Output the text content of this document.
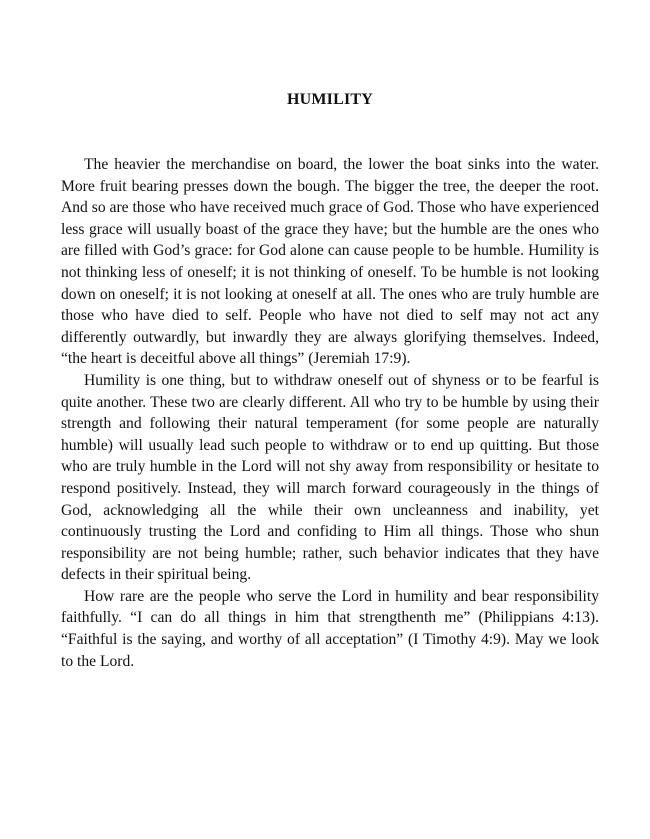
HUMILITY

The heavier the merchandise on board, the lower the boat sinks into the water. More fruit bearing presses down the bough. The bigger the tree, the deeper the root. And so are those who have received much grace of God. Those who have experienced less grace will usually boast of the grace they have; but the humble are the ones who are filled with God’s grace: for God alone can cause people to be humble. Humility is not thinking less of oneself; it is not thinking of oneself. To be humble is not looking down on oneself; it is not looking at oneself at all. The ones who are truly humble are those who have died to self. People who have not died to self may not act any differently outwardly, but inwardly they are always glorifying themselves. Indeed, “the heart is deceitful above all things” (Jeremiah 17:9).

Humility is one thing, but to withdraw oneself out of shyness or to be fearful is quite another. These two are clearly different. All who try to be humble by using their strength and following their natural temperament (for some people are naturally humble) will usually lead such people to withdraw or to end up quitting. But those who are truly humble in the Lord will not shy away from responsibility or hesitate to respond positively. Instead, they will march forward courageously in the things of God, acknowledging all the while their own uncleanness and inability, yet continuously trusting the Lord and confiding to Him all things. Those who shun responsibility are not being humble; rather, such behavior indicates that they have defects in their spiritual being.

How rare are the people who serve the Lord in humility and bear responsibility faithfully. “I can do all things in him that strengthenth me” (Philippians 4:13). “Faithful is the saying, and worthy of all acceptation” (I Timothy 4:9). May we look to the Lord.
